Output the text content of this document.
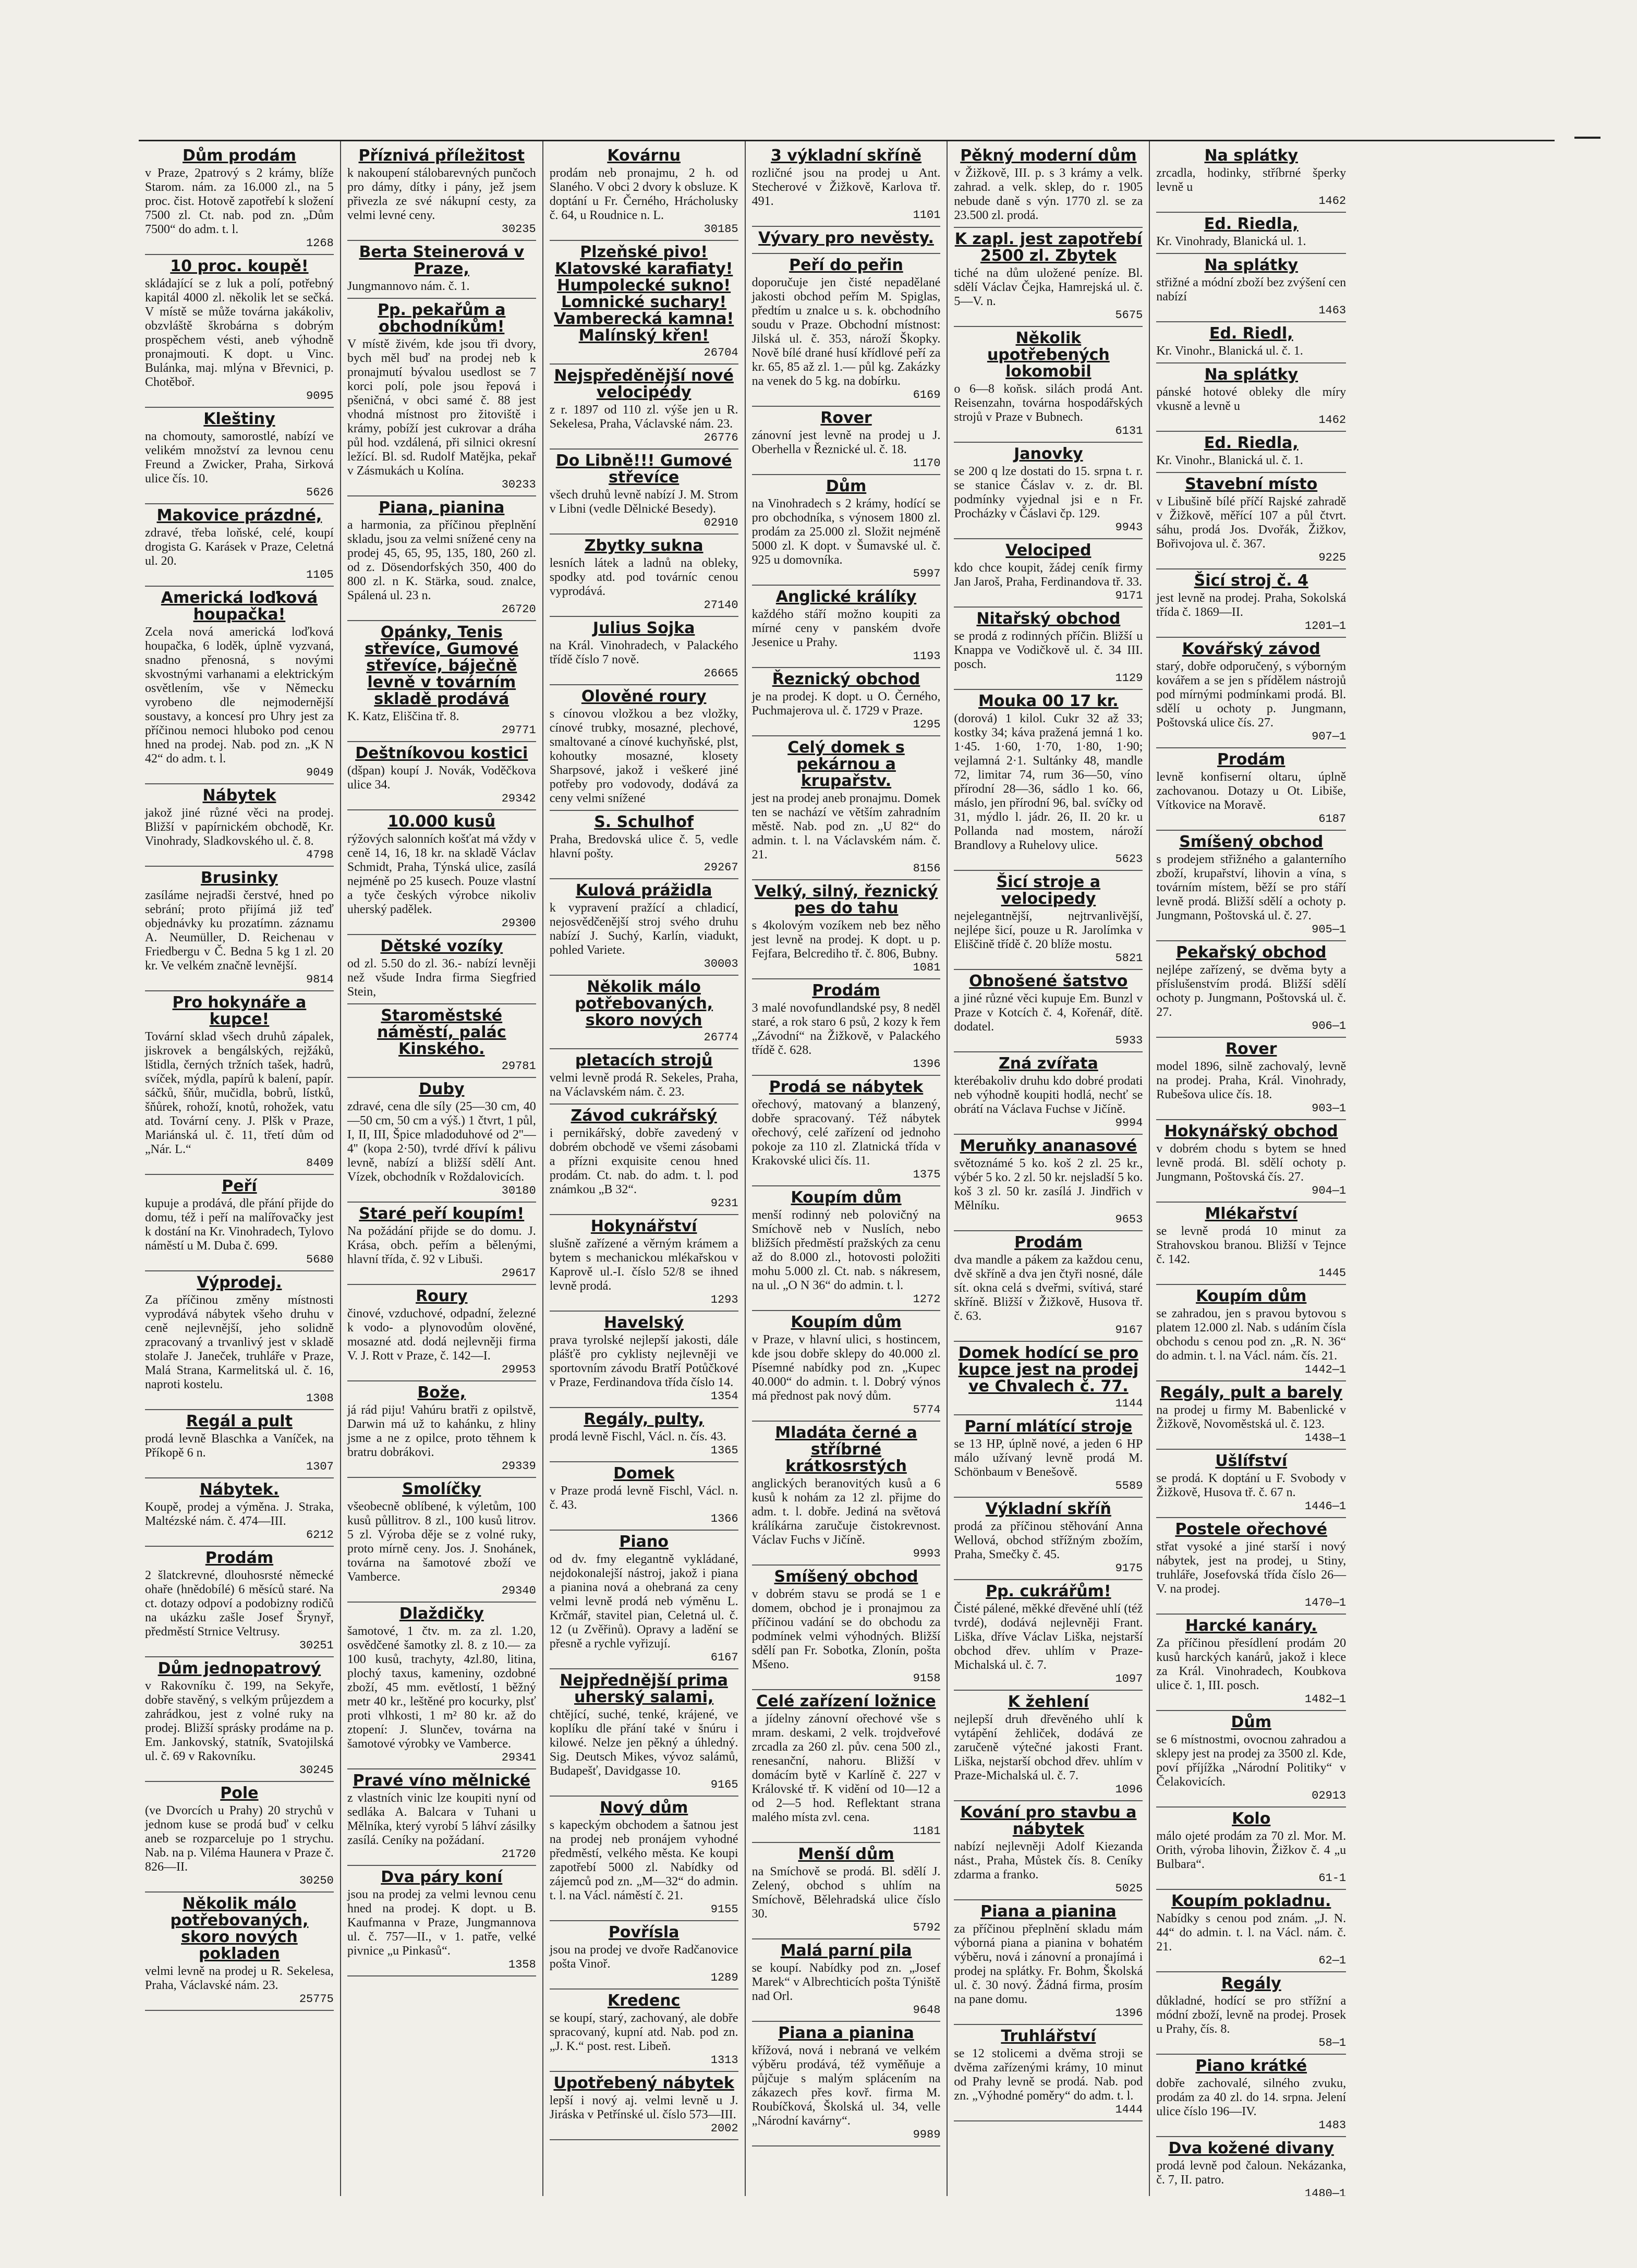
Dům prodám

v Praze, 2patrový s 2 krámy, blíže Starom. nám. za 16.000 zl., na 5 proc. čist. Hotově zapotřebí k složení 7500 zl. Ct. nab. pod zn. „Dům 7500“ do adm. t. l.

1268
10 proc. koupě!

skládající se z luk a polí, potřebný kapitál 4000 zl. několik let se sečká. V místě se může továrna jakákoliv, obzvláště škrobárna s dobrým prospěchem vésti, aneb výhodně pronajmouti. K dopt. u Vinc. Bulánka, maj. mlýna v Břevnici, p. Chotěboř.

9095
Kleštiny

na chomouty, samorostlé, nabízí ve velikém množství za levnou cenu Freund a Zwicker, Praha, Sirková ulice čís. 10.

5626
Makovice prázdné,

zdravé, třeba loňské, celé, koupí drogista G. Karásek v Praze, Celetná ul. 20.

1105
Americká loďková houpačka!

Zcela nová americká loďková houpačka, 6 loděk, úplně vyzvaná, snadno přenosná, s novými skvostnými varhanami a elektrickým osvětlením, vše v Německu vyrobeno dle nejmodernější soustavy, a koncesí pro Uhry jest za příčinou nemoci hluboko pod cenou hned na prodej. Nab. pod zn. „K N 42“ do adm. t. l.

9049
Nábytek

jakož jiné různé věci na prodej. Bližší v papírnickém obchodě, Kr. Vinohrady, Sladkovského ul. č. 8.

4798
Brusinky

zasíláme nejradši čerstvé, hned po sebrání; proto přijímá již teď objednávky ku prozatímn. záznamu A. Neumüller, D. Reichenau v Friedbergu v Č. Bedna 5 kg 1 zl. 20 kr. Ve velkém značně levnější.

9814
Pro hokynáře a kupce!

Tovární sklad všech druhů zápalek, jiskrovek a bengálských, rejžáků, lštidla, černých tržních tašek, hadrů, svíček, mýdla, papírů k balení, papír. sáčků, šňůr, mučidla, bobrů, lístků, šňůrek, rohoží, knotů, rohožek, vatu atd. Tovární ceny. J. Plšk v Praze, Mariánská ul. č. 11, třetí dům od „Nár. L.“

8409
Peří

kupuje a prodává, dle přání přijde do domu, též i peří na malířovačky jest k dostání na Kr. Vinohradech, Tylovo náměstí u M. Duba č. 699.

5680
Výprodej.

Za příčinou změny místnosti vyprodává nábytek všeho druhu v ceně nejlevnější, jeho solidně zpracovaný a trvanlivý jest v skladě stolaře J. Janeček, truhláře v Praze, Malá Strana, Karmelitská ul. č. 16, naproti kostelu.

1308
Regál a pult

prodá levně Blaschka a Vaníček, na Příkopě 6 n.

1307
Nábytek.

Koupě, prodej a výměna. J. Straka, Maltézské nám. č. 474—III.

6212
Prodám

2 šlatckrevné, dlouhosrsté německé ohaře (hnědobílé) 6 měsíců staré. Na ct. dotazy odpoví a podobizny rodičů na ukázku zašle Josef Šrynyř, předměstí Strnice Veltrusy.

30251
Dům jednopatrový

v Rakovníku č. 199, na Sekyře, dobře stavěný, s velkým průjezdem a zahrádkou, jest z volné ruky na prodej. Bližší sprásky prodáme na p. Em. Jankovský, statník, Svatojilská ul. č. 69 v Rakovníku.

30245
Pole

(ve Dvorcích u Prahy) 20 strychů v jednom kuse se prodá buď v celku aneb se rozparceluje po 1 strychu. Nab. na p. Viléma Haunera v Praze č. 826—II.

30250
Několik málo potřebovaných, skoro nových pokladen

velmi levně na prodej u R. Sekelesa, Praha, Václavské nám. 23.

25775
Příznivá příležitost

k nakoupení stálobarevných punčoch pro dámy, dítky i pány, jež jsem přivezla ze své nákupní cesty, za velmi levné ceny.

30235
Berta Steinerová v Praze,

Jungmannovo nám. č. 1.

Pp. pekařům a obchodníkům!

V místě živém, kde jsou tři dvory, bych měl buď na prodej neb k pronajmutí bývalou usedlost se 7 korci polí, pole jsou řepová i pšeničná, v obci samé č. 88 jest vhodná místnost pro žitoviště i krámy, pobíží jest cukrovar a dráha půl hod. vzdálená, při silnici okresní ležící. Bl. sd. Rudolf Matějka, pekař v Zásmukách u Kolína.

30233
Piana, pianina

a harmonia, za příčinou přeplnění skladu, jsou za velmi snížené ceny na prodej 45, 65, 95, 135, 180, 260 zl. od z. Dösendorfských 350, 400 do 800 zl. n K. Stärka, soud. znalce, Spálená ul. 23 n.

26720
Opánky, Tenis střevíce, Gumové střevíce, báječně levně v továrním skladě prodává

K. Katz, Eliščina tř. 8.

29771
Deštníkovou kostici

(dšpan) koupí J. Novák, Voděčkova ulice 34.

29342
10.000 kusů

rýžových salonních košťat má vždy v ceně 14, 16, 18 kr. na skladě Václav Schmidt, Praha, Týnská ulice, zasílá nejméně po 25 kusech. Pouze vlastní a tyče českých výrobce nikoliv uherský padělek.

29300
Dětské vozíky

od zl. 5.50 do zl. 36.- nabízí levněji než všude Indra firma Siegfried Stein,

Staroměstské náměstí, palác Kinského.

29781
Duby

zdravé, cena dle síly (25—30 cm, 40—50 cm, 50 cm a výš.) 1 čtvrt, 1 půl, I, II, III, Špice mladoduhové od 2''—4'' (kopa 2·50), tvrdé dříví k pálivu levně, nabízí a bližší sdělí Ant. Vízek, obchodník v Roždalovicích.

30180
Staré peří koupím!

Na požádání přijde se do domu. J. Krása, obch. peřím a bělenými, hlavní třída, č. 92 v Libuši.

29617
Roury

činové, vzduchové, odpadní, železné k vodo- a plynovodům olověné, mosazné atd. dodá nejlevněji firma V. J. Rott v Praze, č. 142—I.

29953
Bože,

já rád piju! Vahúru bratři z opilstvě, Darwin má už to kahánku, z hliny jsme a ne z opilce, proto těhnem k bratru dobrákovi.

29339
Smolíčky

všeobecně oblíbené, k výletům, 100 kusů půllitrov. 8 zl., 100 kusů litrov. 5 zl. Výroba děje se z volné ruky, proto mírně ceny. Jos. J. Snohánek, továrna na šamotové zboží ve Vamberce.

29340
Dlaždičky

šamotové, 1 čtv. m. za zl. 1.20, osvědčené šamotky zl. 8. z 10.— za 100 kusů, trachyty, 4zl.80, litina, plochý taxus, kameniny, ozdobné zboží, 45 mm. evětlostí, 1 běžný metr 40 kr., leštěné pro kocurky, plsť proti vlhkosti, 1 m² 80 kr. až do ztopení: J. Slunčev, továrna na šamotové výrobky ve Vamberce.

29341
Pravé víno mělnické

z vlastních vinic lze koupiti nyní od sedláka A. Balcara v Tuhani u Mělníka, který vyrobí 5 láhví zásilky zasílá. Ceníky na požádaní.

21720
Dva páry koní

jsou na prodej za velmi levnou cenu hned na prodej. K dopt. u B. Kaufmanna v Praze, Jungmannova ul. č. 757—II., v 1. patře, velké pivnice „u Pinkasů“.

1358
Kovárnu

prodám neb pronajmu, 2 h. od Slaného. V obci 2 dvory k obsluze. K doptání u Fr. Černého, Hrácholusky č. 64, u Roudnice n. L.

30185
Plzeňské pivo! Klatovské karafiaty! Humpolecké sukno! Lomnické suchary! Vamberecká kamna! Malínský křen!

26704
Nejspředěnější nové velocipédy

z r. 1897 od 110 zl. výše jen u R. Sekelesa, Praha, Václavské nám. 23.

26776
Do Libně!!! Gumové střevíce

všech druhů levně nabízí J. M. Strom v Libni (vedle Dělnické Besedy).

02910
Zbytky sukna

lesních látek a ladnů na obleky, spodky atd. pod továrníc cenou vyprodává.

27140
Julius Sojka

na Král. Vinohradech, v Palackého třídě číslo 7 nově.

26665
Olověné roury

s cínovou vložkou a bez vložky, cínové trubky, mosazné, plechové, smaltované a cínové kuchyňské, plst, kohoutky mosazné, klosety Sharpsové, jakož i veškeré jiné potřeby pro vodovody, dodává za ceny velmi snížené

S. Schulhof

Praha, Bredovská ulice č. 5, vedle hlavní pošty.

29267
Kulová prážidla

k vypravení pražící a chladicí, nejosvědčenější stroj svého druhu nabízí J. Suchý, Karlín, viadukt, pohled Variete.

30003
Několik málo potřebovaných, skoro nových

26774
pletacích strojů

velmi levně prodá R. Sekeles, Praha, na Václavském nám. č. 23.

Závod cukrářský

i pernikářský, dobře zavedený v dobrém obchodě ve všemi zásobami a přízni exquisite cenou hned prodám. Ct. nab. do adm. t. l. pod známkou „B 32“.

9231
Hokynářství

slušně zařízené a věrným krámem a bytem s mechanickou mlékařskou v Kaprově ul.-I. číslo 52/8 se ihned levně prodá.

1293
Havelský

prava tyrolské nejlepší jakosti, dále plášťě pro cyklisty nejlevněji ve sportovním závodu Bratří Potůčkové v Praze, Ferdinandova třída číslo 14.

1354
Regály, pulty,

prodá levně Fischl, Václ. n. čís. 43.

1365
Domek

v Praze prodá levně Fischl, Václ. n. č. 43.

1366
Piano

od dv. fmy elegantně vykládané, nejdokonalejší nástroj, jakož i piana a pianina nová a ohebraná za ceny velmi levně prodá neb výměnu L. Krčmář, stavitel pian, Celetná ul. č. 12 (u Zvěřinů). Opravy a ladění se přesně a rychle vyřizují.

6167
Nejpřednější prima uherský salami,

chtějící, suché, tenké, krájené, ve koplíku dle přání také v šnúru i kilowé. Nelze jen pěkný a úhledný. Sig. Deutsch Mikes, vývoz salámů, Budapešť, Davidgasse 10.

9165
Nový dům

s kapeckým obchodem a šatnou jest na prodej neb pronájem vyhodné předměstí, velkého města. Ke koupi zapotřebí 5000 zl. Nabídky od zájemců pod zn. „M—32“ do admin. t. l. na Václ. náměstí č. 21.

9155
Povřísla

jsou na prodej ve dvoře Radčanovice pošta Vinoř.

1289
Kredenc

se koupí, starý, zachovaný, ale dobře spracovaný, kupní atd. Nab. pod zn. „J. K.“ post. rest. Libeň.

1313
Upotřebený nábytek

lepší i nový aj. velmi levně u J. Jiráska v Petřínské ul. číslo 573—III.

2002
3 výkladní skříně

rozličné jsou na prodej u Ant. Stecherové v Žižkově, Karlova tř. 491.

1101
Vývary pro nevěsty.

Peří do peřin

doporučuje jen čisté nepadělané jakosti obchod peřím M. Spiglas, předtím u znalce u s. k. obchodního soudu v Praze. Obchodní místnost: Jilská ul. č. 353, nároží Škopky. Nově bílé drané husí křídlové peří za kr. 65, 85 až zl. 1.— půl kg. Zakázky na venek do 5 kg. na dobírku.

6169
Rover

zánovní jest levně na prodej u J. Oberhella v Řeznické ul. č. 18.

1170
Dům

na Vinohradech s 2 krámy, hodící se pro obchodníka, s výnosem 1800 zl. prodám za 25.000 zl. Složit nejméně 5000 zl. K dopt. v Šumavské ul. č. 925 u domovníka.

5997
Anglické králíky

každého stáří možno koupiti za mírné ceny v panském dvoře Jesenice u Prahy.

1193
Řeznický obchod

je na prodej. K dopt. u O. Černého, Puchmajerova ul. č. 1729 v Praze.

1295
Celý domek s pekárnou a krupařstv.

jest na prodej aneb pronajmu. Domek ten se nachází ve větším zahradním městě. Nab. pod zn. „U 82“ do admin. t. l. na Václavském nám. č. 21.

8156
Velký, silný, řeznický pes do tahu

s 4kolovým vozíkem neb bez něho jest levně na prodej. K dopt. u p. Fejfara, Belcrediho tř. č. 806, Bubny.

1081
Prodám

3 malé novofundlandské psy, 8 neděl staré, a rok staro 6 psů, 2 kozy k řem „Závodní“ na Žižkově, v Palackého třídě č. 628.

1396
Prodá se nábytek

ořechový, matovaný a blanzený, dobře spracovaný. Též nábytek ořechový, celé zařízení od jednoho pokoje za 110 zl. Zlatnická třída v Krakovské ulici čís. 11.

1375
Koupím dům

menší rodinný neb polovičný na Smíchově neb v Nuslích, nebo bližších předměstí pražských za cenu až do 8.000 zl., hotovosti položiti mohu 5.000 zl. Ct. nab. s nákresem, na ul. „O N 36“ do admin. t. l.

1272
Koupím dům

v Praze, v hlavní ulici, s hostincem, kde jsou dobře sklepy do 40.000 zl. Písemné nabídky pod zn. „Kupec 40.000“ do admin. t. l. Dobrý výnos má přednost pak nový dům.

5774
Mladáta černé a stříbrné krátkosrstých

anglických beranovitých kusů a 6 kusů k nohám za 12 zl. přijme do adm. t. l. dobře. Jediná na světová králíkárna zaručuje čistokrevnost. Václav Fuchs v Jičíně.

9993
Smíšený obchod

v dobrém stavu se prodá se 1 e domem, obchod je i pronajmou za příčinou vadání se do obchodu za podmínek velmi výhodných. Bližší sdělí pan Fr. Sobotka, Zlonín, pošta Mšeno.

9158
Celé zařízení ložnice

a jídelny zánovní ořechové vše s mram. deskami, 2 velk. trojdveřové zrcadla za 260 zl. pův. cena 500 zl., renesanční, nahoru. Bližší v domácím bytě v Karlíně č. 227 v Královské tř. K vidění od 10—12 a od 2—5 hod. Reflektant strana malého místa zvl. cena.

1181
Menší dům

na Smíchově se prodá. Bl. sdělí J. Zelený, obchod s uhlím na Smíchově, Bělehradská ulice číslo 30.

5792
Malá parní pila

se koupí. Nabídky pod zn. „Josef Marek“ v Albrechticích pošta Týniště nad Orl.

9648
Piana a pianina

křížová, nová i nebraná ve velkém výběru prodává, též vyměňuje a půjčuje s malým splácením na zákazech přes kovř. firma M. Roubíčková, Školská ul. 34, velle „Národní kavárny“.

9989
Pěkný moderní dům

v Žižkově, III. p. s 3 krámy a velk. zahrad. a velk. sklep, do r. 1905 nebude daně s výn. 1770 zl. se za 23.500 zl. prodá.

K zapl. jest zapotřebí 2500 zl. Zbytek

tiché na dům uložené peníze. Bl. sdělí Václav Čejka, Hamrejská ul. č. 5—V. n.

5675
Několik upotřebených lokomobil

o 6—8 koňsk. silách prodá Ant. Reisenzahn, továrna hospodářských strojů v Praze v Bubnech.

6131
Janovky

se 200 q lze dostati do 15. srpna t. r. se stanice Čáslav v. z. dr. Bl. podmínky vyjednal jsi e n Fr. Procházky v Čáslavi čp. 129.

9943
Velociped

kdo chce koupit, žádej ceník firmy Jan Jaroš, Praha, Ferdinandova tř. 33.

9171
Nitařský obchod

se prodá z rodinných příčin. Bližší u Knappa ve Vodičkově ul. č. 34 III. posch.

1129
Mouka 00 17 kr.

(dorová) 1 kilol. Cukr 32 až 33; kostky 34; káva pražená jemná 1 ko. 1·45. 1·60, 1·70, 1·80, 1·90; vejlamná 2·1. Sultánky 48, mandle 72, limitar 74, rum 36—50, víno přírodní 28—36, sádlo 1 ko. 66, máslo, jen přírodní 96, bal. svíčky od 31, mýdlo l. jádr. 26, II. 20 kr. u Pollanda nad mostem, nároží Brandlovy a Ruhelovy ulice.

5623
Šicí stroje a velocipedy

nejelegantnější, nejtrvanlivější, nejlépe šicí, pouze u R. Jarolímka v Eliščině třídě č. 20 blíže mostu.

5821
Obnošené šatstvo

a jiné různé věci kupuje Em. Bunzl v Praze v Kotcích č. 4, Kořenář, dítě. dodatel.

5933
Zná zvířata

kterébakoliv druhu kdo dobré prodati neb výhodně koupiti hodlá, nechť se obrátí na Václava Fuchse v Jičíně.

9994
Meruňky ananasové

světoznámé 5 ko. koš 2 zl. 25 kr., výbér 5 ko. 2 zl. 50 kr. nejsladší 5 ko. koš 3 zl. 50 kr. zasílá J. Jindřich v Mělníku.

9653
Prodám

dva mandle a pákem za každou cenu, dvě skříně a dva jen čtyři nosné, dále sít. okna celá s dveřmi, svítivá, staré skříně. Bližší v Žižkově, Husova tř. č. 63.

9167
Domek hodící se pro kupce jest na prodej ve Chvalech č. 77.

1144
Parní mlátící stroje

se 13 HP, úplně nové, a jeden 6 HP málo užívaný levně prodá M. Schönbaum v Benešově.

5589
Výkladní skříň

prodá za příčinou stěhování Anna Wellová, obchod střížným zbožím, Praha, Smečky č. 45.

9175
Pp. cukrářům!

Čisté pálené, měkké dřevěné uhlí (též tvrdé), dodává nejlevněji Frant. Liška, dříve Václav Liška, nejstarší obchod dřev. uhlím v Praze-Michalská ul. č. 7.

1097
K žehlení

nejlepší druh dřevěného uhlí k vytápění žehliček, dodává ze zaručeně výtečné jakosti Frant. Liška, nejstarší obchod dřev. uhlím v Praze-Michalská ul. č. 7.

1096
Kování pro stavbu a nábytek

nabízí nejlevněji Adolf Kiezanda nást., Praha, Můstek čís. 8. Ceníky zdarma a franko.

5025
Piana a pianina

za příčinou přeplnění skladu mám výborná piana a pianina v bohatém výběru, nová i zánovní a pronajímá i prodej na splátky. Fr. Bohm, Školská ul. č. 30 nový. Žádná firma, prosím na pane domu.

1396
Truhlářství

se 12 stolicemi a dvěma stroji se dvěma zařízenými krámy, 10 minut od Prahy levně se prodá. Nab. pod zn. „Výhodné poměry“ do adm. t. l.

1444
Na splátky

zrcadla, hodinky, stříbrné šperky levně u

1462
Ed. Riedla,

Kr. Vinohrady, Blanická ul. 1.

Na splátky

střižné a módní zboží bez zvýšení cen nabízí

1463
Ed. Riedl,

Kr. Vinohr., Blanická ul. č. 1.

Na splátky

pánské hotové obleky dle míry vkusně a levně u

1462
Ed. Riedla,

Kr. Vinohr., Blanická ul. č. 1.

Stavební místo

v Libušině bílé příčí Rajské zahradě v Žižkově, měřící 107 a půl čtvrt. sáhu, prodá Jos. Dvořák, Žižkov, Bořivojova ul. č. 367.

9225
Šicí stroj č. 4

jest levně na prodej. Praha, Sokolská třída č. 1869—II.

1201—1
Kovářský závod

starý, dobře odporučený, s výborným kovářem a se jen s přídělem nástrojů pod mírnými podmínkami prodá. Bl. sdělí u ochoty p. Jungmann, Poštovská ulice čís. 27.

907—1
Prodám

levně konfiserní oltaru, úplně zachovanou. Dotazy u Ot. Libiše, Vítkovice na Moravě.

6187
Smíšený obchod

s prodejem střižného a galanterního zboží, krupařství, lihovin a vína, s továrním místem, běží se pro stáří levně prodá. Bližší sdělí a ochoty p. Jungmann, Poštovská ul. č. 27.

905—1
Pekařský obchod

nejlépe zařízený, se dvěma byty a příslušenstvím prodá. Bližší sdělí ochoty p. Jungmann, Poštovská ul. č. 27.

906—1
Rover

model 1896, silně zachovalý, levně na prodej. Praha, Král. Vinohrady, Rubešova ulice čís. 18.

903—1
Hokynářský obchod

v dobrém chodu s bytem se hned levně prodá. Bl. sdělí ochoty p. Jungmann, Poštovská čís. 27.

904—1
Mlékařství

se levně prodá 10 minut za Strahovskou branou. Bližší v Tejnce č. 142.

1445
Koupím dům

se zahradou, jen s pravou bytovou s platem 12.000 zl. Nab. s udáním čísla obchodu s cenou pod zn. „R. N. 36“ do admin. t. l. na Václ. nám. čís. 21.

1442—1
Regály, pult a barely

na prodej u firmy M. Babenlické v Žižkově, Novoměstská ul. č. 123.

1438—1
Ušlífství

se prodá. K doptání u F. Svobody v Žižkově, Husova tř. č. 67 n.

1446—1
Postele ořechové

střat vysoké a jiné starší i nový nábytek, jest na prodej, u Stiny, truhláře, Josefovská třída číslo 26—V. na prodej.

1470—1
Harcké kanáry.

Za příčinou přesídlení prodám 20 kusů harckých kanárů, jakož i klece za Král. Vinohradech, Koubkova ulice č. 1, III. posch.

1482—1
Dům

se 6 místnostmi, ovocnou zahradou a sklepy jest na prodej za 3500 zl. Kde, poví příjížka „Národní Politiky“ v Čelakovicích.

02913
Kolo

málo ojeté prodám za 70 zl. Mor. M. Orith, výroba lihovin, Žižkov č. 4 „u Bulbara“.

61-1
Koupím pokladnu.

Nabídky s cenou pod znám. „J. N. 44“ do admin. t. l. na Václ. nám. č. 21.

62—1
Regály

důkladné, hodící se pro střížní a módní zboží, levně na prodej. Prosek u Prahy, čís. 8.

58—1
Piano krátké

dobře zachovalé, silného zvuku, prodám za 40 zl. do 14. srpna. Jelení ulice číslo 196—IV.

1483
Dva kožené divany

prodá levně pod čaloun. Nekázanka, č. 7, II. patro.

1480—1
